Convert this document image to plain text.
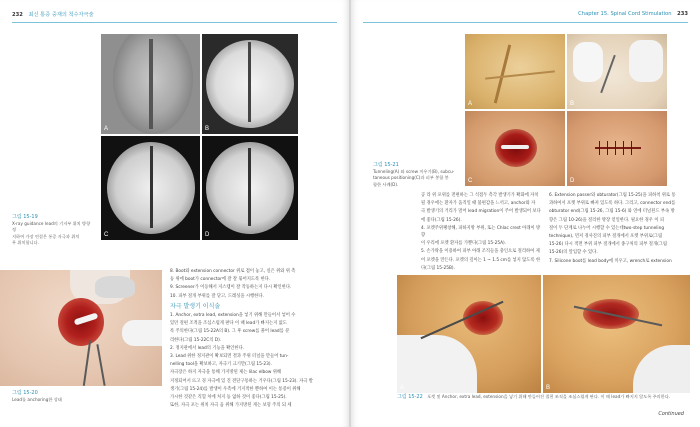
232 최신 통증 중재의 척수자극술
A	B
C	D
그림 15-19
X-ray guidance lead의 기저부 위치 방향정
지하여 가장 연결은 통증 자극과 위치
무 위치합니다.
그림 15-20
Lead를 anchoring한 상태

8. Boot와 extension connector 위로 점이 놓고, 실은 위와 위 측

등 위에 boot가 connector에 잘 잘 묶어지도록 한다.

9. Screener가 이동해서 지스템이 잘 작동하는지 다시 확인한다.

10. 피부 절개 부위를 잘 닫고, 드레싱을 시행한다.

자극 발생기 이식술

1. Anchor, extra lead, extension을 넣기 위해 만들어서 넣어 수

있던 절편 조적을 조심스럽게 판다 이 때 lead가 빠지는지 없도

록 주의한다(그림 15-22A의 B). 그 후 screw를 풀어 lead를 분

리한다(그림 15-22C의 D).

2. 정지관에서 lead의 기능을 확인한다.

3. Lead 위한 정지관이 확보되면 결과 주위 터널을 만들어 tun-

nelling tool을 확보하고, 자극기 크기만(그림 15-23).

자극장은 하지 자극을 통해 가지방된 제는 lilac elbow 위해

지정되어서 뜨고 경 자극에 있 진 전단구통하는 거우다(그림 15-23). 자극 발

생기(그림 15-24)를 발생이 우측에 거지적한 뿐하여 이는 통증이 위해

가시한 것같은 직혈 처에 처지 등 없하 것이 좋다(그림 15-25).

또한, 자극 포는 위치 자극 음 위해 가지방된 게는 보형 주의 되 세

Chapter 15. Spinal Cord Stimulation 233
A	B
C	D
그림 15-21
Tunneling(A) 와 screw 끼우기(B), subcu-
taneous positioning(C)과 피부 봉합 봉
합한 사례(D).

공 라 위 포위를 전편하는 그 석점두 측각 발생기가 확화에 자치

될 경우에는 환자가 움직일 때 불편감을 느끼고, anchor와 자

극 발생기의 거리가 멀어 lead migration이 주어 발생되어 보다

에 좋다(그림 15-26).

4. 포켓주위팽창해, 피하지방 부위, 또는 Chlac crest 아래이 방향

이 우리에 포켓 환자를 가뿐다(그림 15-25A).

5. 손가락을 이용하여 피부 아래 조직들을 충인으로 절리하여 제

어 포켓을 만든다. 포켓의 깊이는 1 ~ 1.5 cm를 넣지 않도록 한

다(그림 15-25B).

6. Extension passer와 obturator(그림 15-25)을 피하척 위로 통

과하여서 포켓 부위로 빠져 있도록 하다. 그리고, connector end를

obturator end(그림 15-26, 그림 15-6) 와 연에 터널된드 부속 방

향은 그림 10-26)을 절리한 방장 얻일한다. 필요한 경우 이 피

절이 두 단계로 나누어 시행할 수 있는데two-step tunneling

technique), 먼저 경사진의 피부 절개에서 포켓 부위로(그림

15-26) 다시 적면 부위 피부 절개에서 종구처의 피부 절개(그림

15-26)의 앞입할 수 있다.

7. Silicone boot를 lead body에 끼우고, wrench로 extension

A	B
그림 15-22 포켓 및 Anchor, extra lead, extension을 넣기 위해 만들어진 절편 조직을 조심스럽게 판다. 이 때 lead가 빠지지 않도록 주의한다.
Continued
